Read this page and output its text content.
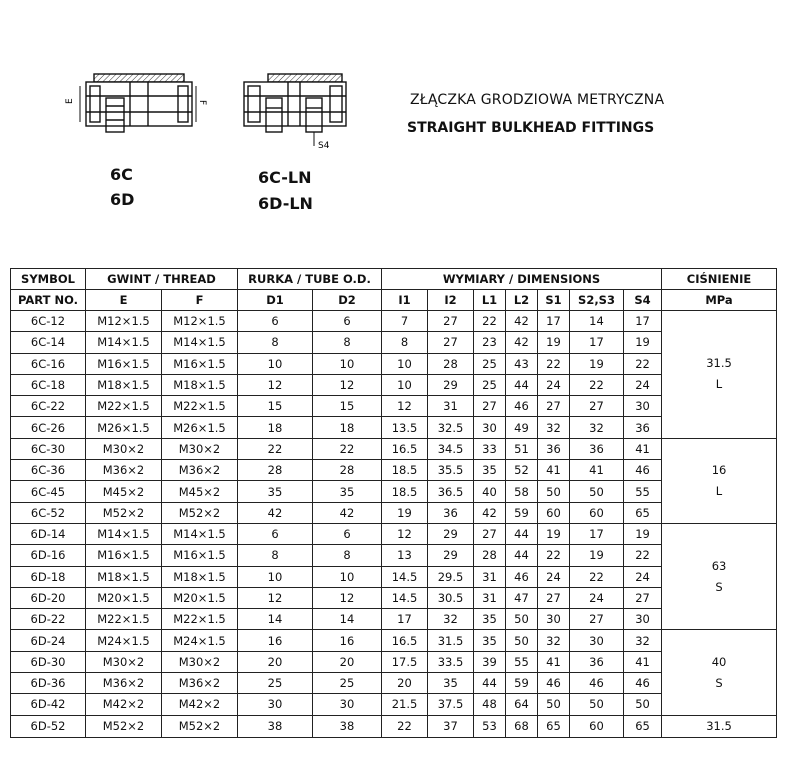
E	F
S4
6C
6D
6C-LN
6D-LN
ZŁĄCZKA GRODZIOWA METRYCZNA
STRAIGHT BULKHEAD FITTINGS
SYMBOL	GWINT / THREAD		RURKA / TUBE O.D.		WYMIARY / DIMENSIONS							CIŚNIENIE
PART NO.	E	F	D1	D2	I1	I2	L1	L2	S1	S2,S3	S4	MPa
6C-12	M12×1.5	M12×1.5	6	6	7	27	22	42	17	14	17	31.5
L

6C-14	M14×1.5	M14×1.5	8	8	8	27	23	42	19	17	19	
6C-16	M16×1.5	M16×1.5	10	10	10	28	25	43	22	19	22	
6C-18	M18×1.5	M18×1.5	12	12	10	29	25	44	24	22	24	
6C-22	M22×1.5	M22×1.5	15	15	12	31	27	46	27	27	30	
6C-26	M26×1.5	M26×1.5	18	18	13.5	32.5	30	49	32	32	36	
6C-30	M30×2	M30×2	22	22	16.5	34.5	33	51	36	36	41	16
L

6C-36	M36×2	M36×2	28	28	18.5	35.5	35	52	41	41	46	
6C-45	M45×2	M45×2	35	35	18.5	36.5	40	58	50	50	55	
6C-52	M52×2	M52×2	42	42	19	36	42	59	60	60	65	
6D-14	M14×1.5	M14×1.5	6	6	12	29	27	44	19	17	19	63
S

6D-16	M16×1.5	M16×1.5	8	8	13	29	28	44	22	19	22	
6D-18	M18×1.5	M18×1.5	10	10	14.5	29.5	31	46	24	22	24	
6D-20	M20×1.5	M20×1.5	12	12	14.5	30.5	31	47	27	24	27	
6D-22	M22×1.5	M22×1.5	14	14	17	32	35	50	30	27	30	
6D-24	M24×1.5	M24×1.5	16	16	16.5	31.5	35	50	32	30	32	40
S

6D-30	M30×2	M30×2	20	20	17.5	33.5	39	55	41	36	41	
6D-36	M36×2	M36×2	25	25	20	35	44	59	46	46	46	
6D-42	M42×2	M42×2	30	30	21.5	37.5	48	64	50	50	50	
6D-52	M52×2	M52×2	38	38	22	37	53	68	65	60	65	31.5
